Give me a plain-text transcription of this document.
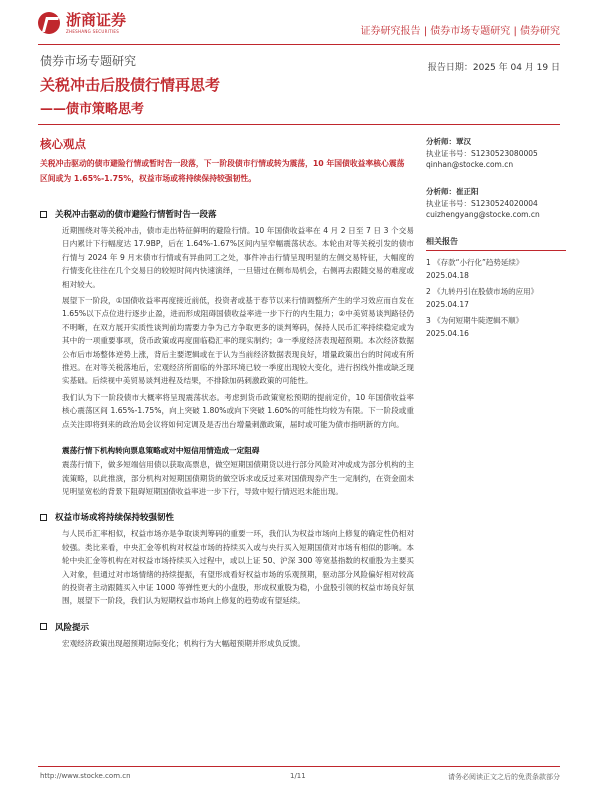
浙商证券
ZHESHANG SECURITIES	证券研究报告 | 债券市场专题研究 | 债券研究
债券市场专题研究	报告日期：2025 年 04 月 19 日
关税冲击后股债行情再思考
——债市策略思考
核心观点
关税冲击驱动的债市避险行情或暂时告一段落，下一阶段债市行情或转为震荡，10 年国债收益率核心震荡区间或为 1.65%-1.75%，权益市场或将持续保持较强韧性。
分析师：覃汉
执业证书号：S1230523080005
qinhan@stocke.com.cn
分析师：崔正阳
执业证书号：S1230524020004
cuizhengyang@stocke.com.cn
相关报告
1 《存款“小行化”趋势延续》
2025.04.18
2 《九转丹引在股债市场的应用》 2025.04.17
3 《为何短期牛陡逻辑不顺》
2025.04.16
关税冲击驱动的债市避险行情暂时告一段落

近期围绕对等关税冲击，债市走出特征鲜明的避险行情。10 年国债收益率在 4 月 2 日至 7 日 3 个交易日内累计下行幅度达 17.9BP，后在 1.64%-1.67%区间内呈窄幅震荡状态。本轮由对等关税引发的债市行情与 2024 年 9 月末债市行情或有异曲同工之处，事件冲击行情呈现明显的左侧交易特征，大幅度的行情变化往往在几个交易日的较短时间内快速演绎，一旦错过在侧布局机会，右侧再去跟随交易的难度或相对较大。

展望下一阶段，①国债收益率再度接近前低，投资者或基于春节以来行情调整所产生的学习效应而自发在 1.65%以下点位进行逐步止盈，进而形成阻碍国债收益率进一步下行的内生阻力；②中美贸易谈判路径仍不明晰，在双方展开实质性谈判前均需要力争为己方争取更多的谈判筹码，保持人民币汇率持续稳定或为其中的一项重要事项，货币政策或再度面临稳汇率的现实制约；③一季度经济表现超预期。本次经济数据公布后市场整体逆势上涨，背后主要逻辑或在于认为当前经济数据表现良好，增量政策出台的时间或有所推迟。在对等关税落地后，宏观经济所面临的外部环境已较一季度出现较大变化，进行拐线外推或缺乏现实基础。后续视中美贸易谈判进程及结果，不排除加码刺激政策的可能性。

我们认为下一阶段债市大概率将呈现震荡状态。考虑到货币政策宽松预期的提前定价，10 年国债收益率核心震荡区间 1.65%-1.75%，向上突破 1.80%或向下突破 1.60%的可能性均较为有限。下一阶段或重点关注即将到来的政治局会议将如何定调及是否出台增量刺激政策，届时或可能为债市指明新的方向。

震荡行情下机构转向票息策略或对中短信用情造成一定阻碍

震荡行情下，做多短端信用债以获取高票息，做空短期国债期货以进行部分风险对冲或成为部分机构的主流策略，以此推演，部分机构对短期国债期货的做空诉求或反过来对国债现券产生一定制约，在资金面未见明显宽松的背景下阻碍短期国债收益率进一步下行，导致中短行情迟迟未能出现。

权益市场或将持续保持较强韧性

与人民币汇率相似，权益市场亦是争取谈判筹码的重要一环，我们认为权益市场向上修复的确定性仍相对较强。类比来看，中央汇金等机构对权益市场的持续买入或与央行买入短期国债对市场有相似的影响。本轮中央汇金等机构在对权益市场持续买入过程中，或以上证 50、沪深 300 等宽基指数的权重股为主要买入对象，但通过对市场情绪的持续提振，有望形成看好权益市场的乐观预期，驱动部分风险偏好相对较高的投资者主动跟随买入中证 1000 等弹性更大的小盘股，形成权重股为稳，小盘股引领的权益市场良好氛围，展望下一阶段，我们认为短期权益市场向上修复的趋势或有望延续。

风险提示

宏观经济政策出现超预期边际变化；机构行为大幅超预期并形成负反馈。

http://www.stocke.com.cn	1/11	请务必阅读正文之后的免责条款部分
